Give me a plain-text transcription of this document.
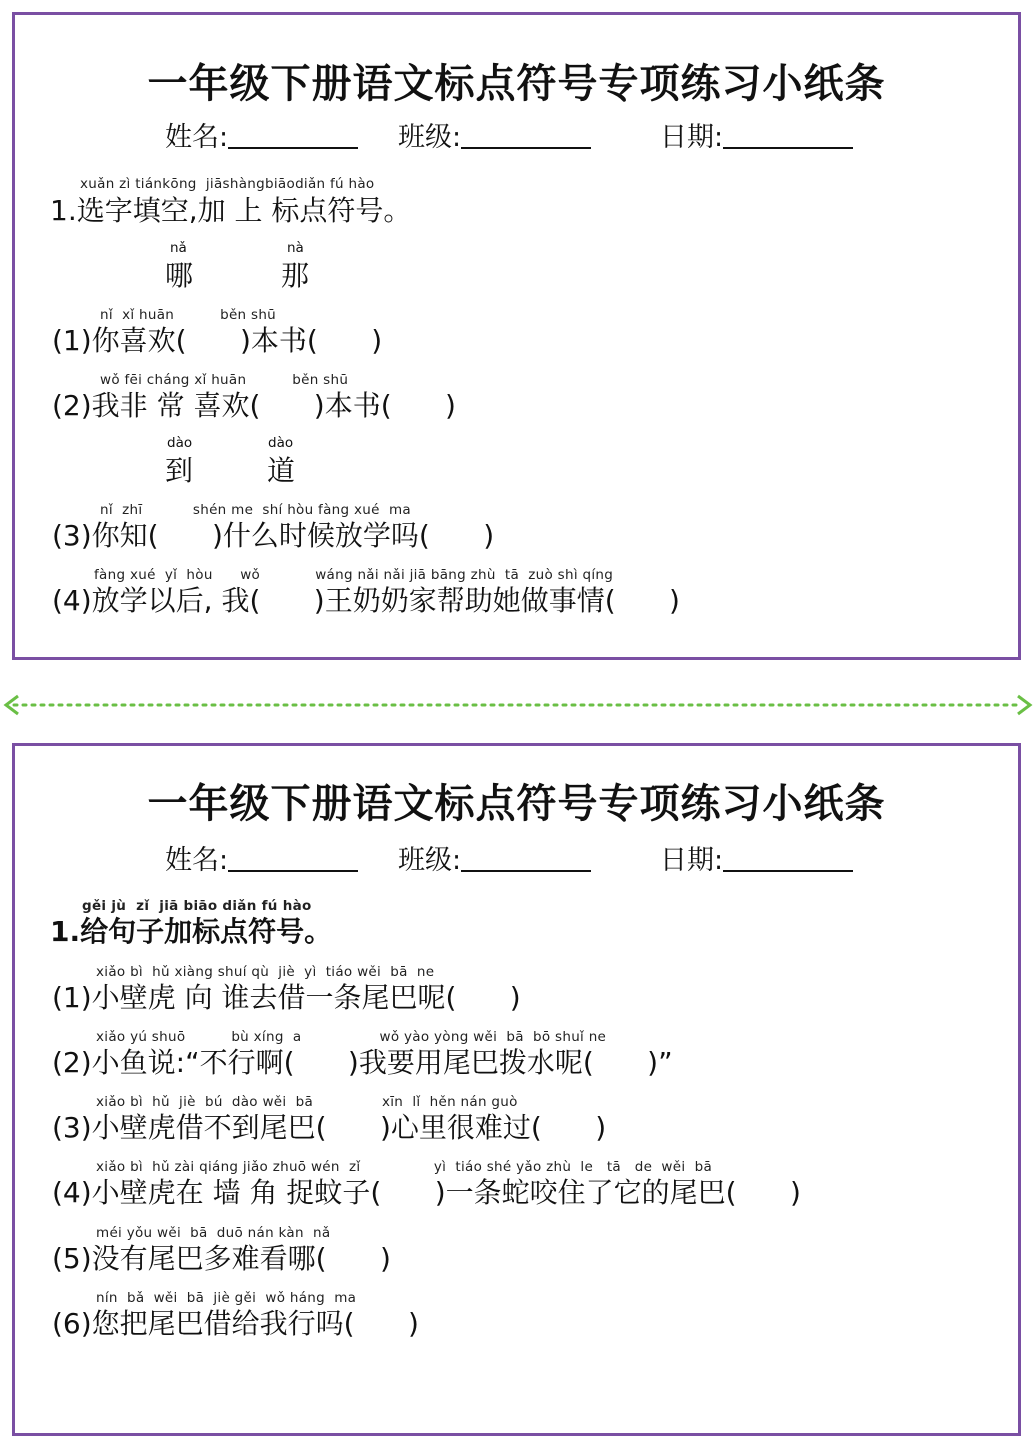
一年级下册语文标点符号专项练习小纸条
姓名:	班级:	日期:
xuǎn zì tiánkōng  jiāshàngbiāodiǎn fú hào
1.选字填空,加 上 标点符号。
nǎ
哪
nà
那
nǐ  xǐ huān          běn shū
(1)你喜欢(      )本书(      )
wǒ fēi cháng xǐ huān          běn shū
(2)我非 常 喜欢(      )本书(      )
dào
到
dào
道
nǐ  zhī           shén me  shí hòu fàng xué  ma
(3)你知(      )什么时候放学吗(      )
fàng xué  yǐ  hòu      wǒ            wáng nǎi nǎi jiā bāng zhù  tā  zuò shì qíng
(4)放学以后, 我(      )王奶奶家帮助她做事情(      )
一年级下册语文标点符号专项练习小纸条
姓名:	班级:	日期:
gěi jù  zǐ  jiā biāo diǎn fú hào
1.给句子加标点符号。
xiǎo bì  hǔ xiàng shuí qù  jiè  yì  tiáo wěi  bā  ne
(1)小壁虎 向 谁去借一条尾巴呢(      )
xiǎo yú shuō          bù xíng  a                 wǒ yào yòng wěi  bā  bō shuǐ ne
(2)小鱼说:“不行啊(      )我要用尾巴拨水呢(      )”
xiǎo bì  hǔ  jiè  bú  dào wěi  bā               xīn  lǐ  hěn nán guò
(3)小壁虎借不到尾巴(      )心里很难过(      )
xiǎo bì  hǔ zài qiáng jiǎo zhuō wén  zǐ                yì  tiáo shé yǎo zhù  le   tā   de  wěi  bā
(4)小壁虎在 墙 角 捉蚊子(      )一条蛇咬住了它的尾巴(      )
méi yǒu wěi  bā  duō nán kàn  nǎ
(5)没有尾巴多难看哪(      )
nín  bǎ  wěi  bā  jiè gěi  wǒ háng  ma
(6)您把尾巴借给我行吗(      )
